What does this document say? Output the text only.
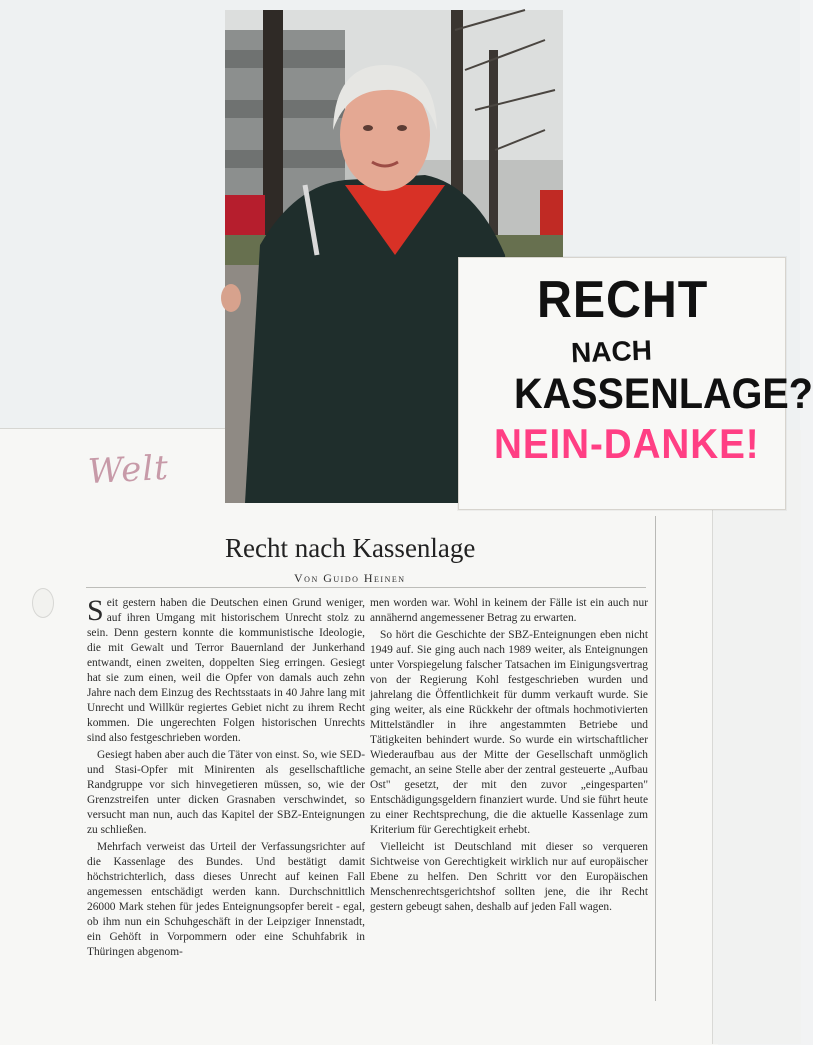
Welt
RECHT
NACH
KASSENLAGE?
NEIN-DANKE!
Recht nach Kassenlage
Von Guido Heinen

Seit gestern haben die Deutschen einen Grund weniger, auf ihren Umgang mit historischem Unrecht stolz zu sein. Denn gestern konnte die kommunistische Ideologie, die mit Gewalt und Terror Bauernland der Junkerhand entwandt, einen zweiten, doppelten Sieg erringen. Gesiegt hat sie zum einen, weil die Opfer von damals auch zehn Jahre nach dem Einzug des Rechtsstaats in 40 Jahre lang mit Unrecht und Willkür regiertes Gebiet nicht zu ihrem Recht kommen. Die ungerechten Folgen historischen Unrechts sind also festgeschrieben worden.

Gesiegt haben aber auch die Täter von einst. So, wie SED- und Stasi-Opfer mit Minirenten als gesellschaftliche Randgruppe vor sich hinvegetieren müssen, so, wie der Grenzstreifen unter dicken Grasnaben verschwindet, so versucht man nun, auch das Kapitel der SBZ-Enteignungen zu schließen.

Mehrfach verweist das Urteil der Verfassungsrichter auf die Kassenlage des Bundes. Und bestätigt damit höchstrichterlich, dass dieses Unrecht auf keinen Fall angemessen entschädigt werden kann. Durchschnittlich 26000 Mark stehen für jedes Enteignungsopfer bereit - egal, ob ihm nun ein Schuhgeschäft in der Leipziger Innenstadt, ein Gehöft in Vorpommern oder eine Schuhfabrik in Thüringen abgenom-

men worden war. Wohl in keinem der Fälle ist ein auch nur annähernd angemessener Betrag zu erwarten.

So hört die Geschichte der SBZ-Enteignungen eben nicht 1949 auf. Sie ging auch nach 1989 weiter, als Enteignungen unter Vorspiegelung falscher Tatsachen im Einigungsvertrag von der Regierung Kohl festgeschrieben wurden und jahrelang die Öffentlichkeit für dumm verkauft wurde. Sie ging weiter, als eine Rückkehr der oftmals hochmotivierten Mittelständler in ihre angestammten Betriebe und Tätigkeiten behindert wurde. So wurde ein wirtschaftlicher Wiederaufbau aus der Mitte der Gesellschaft unmöglich gemacht, an seine Stelle aber der zentral gesteuerte „Aufbau Ost" gesetzt, der mit den zuvor „eingesparten" Entschädigungsgeldern finanziert wurde. Und sie führt heute zu einer Rechtsprechung, die die aktuelle Kassenlage zum Kriterium für Gerechtigkeit erhebt.

Vielleicht ist Deutschland mit dieser so verqueren Sichtweise von Gerechtigkeit wirklich nur auf europäischer Ebene zu helfen. Den Schritt vor den Europäischen Menschenrechtsgerichtshof sollten jene, die ihr Recht gestern gebeugt sahen, deshalb auf jeden Fall wagen.
